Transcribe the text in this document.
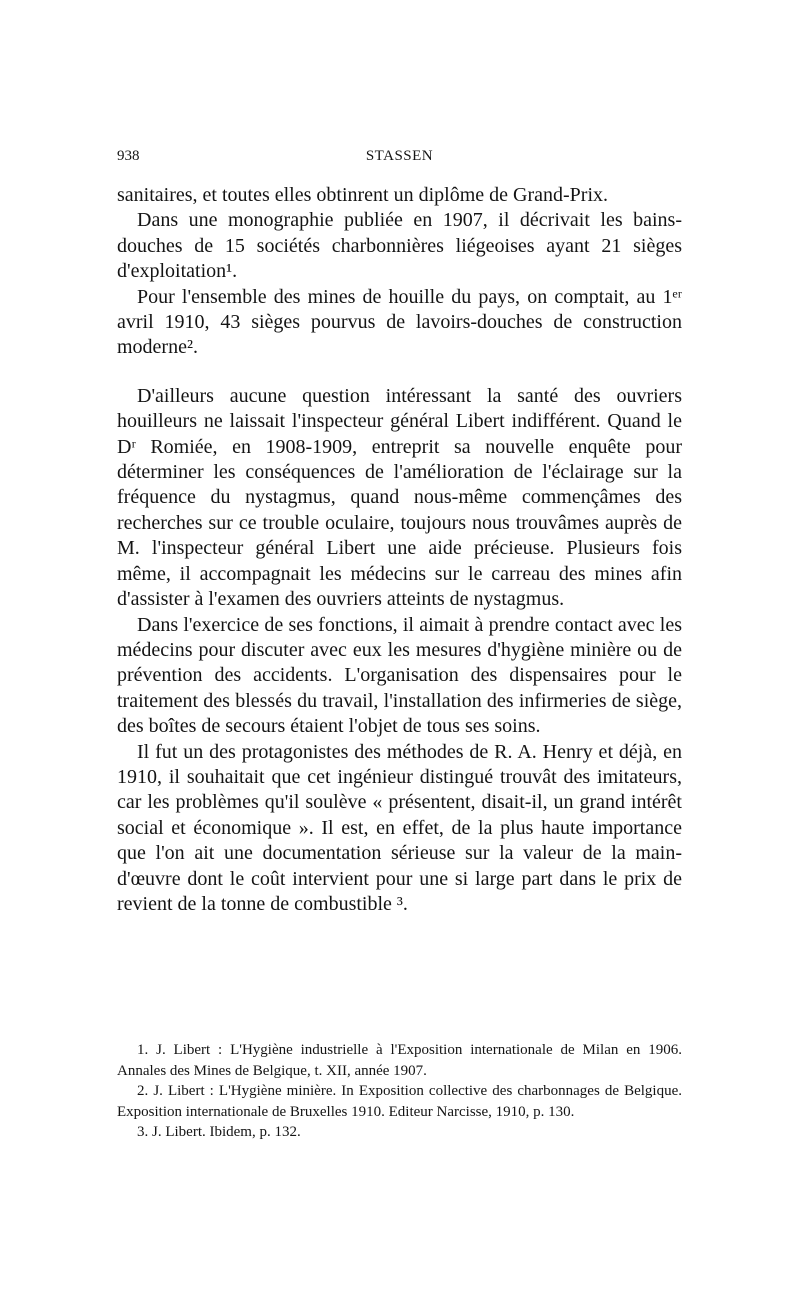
938	STASSEN

sanitaires, et toutes elles obtinrent un diplôme de Grand-Prix.

Dans une monographie publiée en 1907, il décrivait les bains-douches de 15 sociétés charbonnières liégeoises ayant 21 sièges d'exploitation¹.

Pour l'ensemble des mines de houille du pays, on comptait, au 1ᵉʳ avril 1910, 43 sièges pourvus de lavoirs-douches de construction moderne².

D'ailleurs aucune question intéressant la santé des ouvriers houilleurs ne laissait l'inspecteur général Libert indifférent. Quand le Dʳ Romiée, en 1908-1909, entreprit sa nouvelle enquête pour déterminer les conséquences de l'amélioration de l'éclairage sur la fréquence du nystagmus, quand nous-même commençâmes des recherches sur ce trouble oculaire, toujours nous trouvâmes auprès de M. l'inspecteur général Libert une aide précieuse. Plusieurs fois même, il accompagnait les médecins sur le carreau des mines afin d'assister à l'examen des ouvriers atteints de nystagmus.

Dans l'exercice de ses fonctions, il aimait à prendre contact avec les médecins pour discuter avec eux les mesures d'hygiène minière ou de prévention des accidents. L'organisation des dispensaires pour le traitement des blessés du travail, l'installation des infirmeries de siège, des boîtes de secours étaient l'objet de tous ses soins.

Il fut un des protagonistes des méthodes de R. A. Henry et déjà, en 1910, il souhaitait que cet ingénieur distingué trouvât des imitateurs, car les problèmes qu'il soulève « présentent, disait-il, un grand intérêt social et économique ». Il est, en effet, de la plus haute importance que l'on ait une documentation sérieuse sur la valeur de la main-d'œuvre dont le coût intervient pour une si large part dans le prix de revient de la tonne de combustible ³.

1. J. Libert : L'Hygiène industrielle à l'Exposition internationale de Milan en 1906. Annales des Mines de Belgique, t. XII, année 1907.

2. J. Libert : L'Hygiène minière. In Exposition collective des charbonnages de Belgique. Exposition internationale de Bruxelles 1910. Editeur Narcisse, 1910, p. 130.

3. J. Libert. Ibidem, p. 132.
